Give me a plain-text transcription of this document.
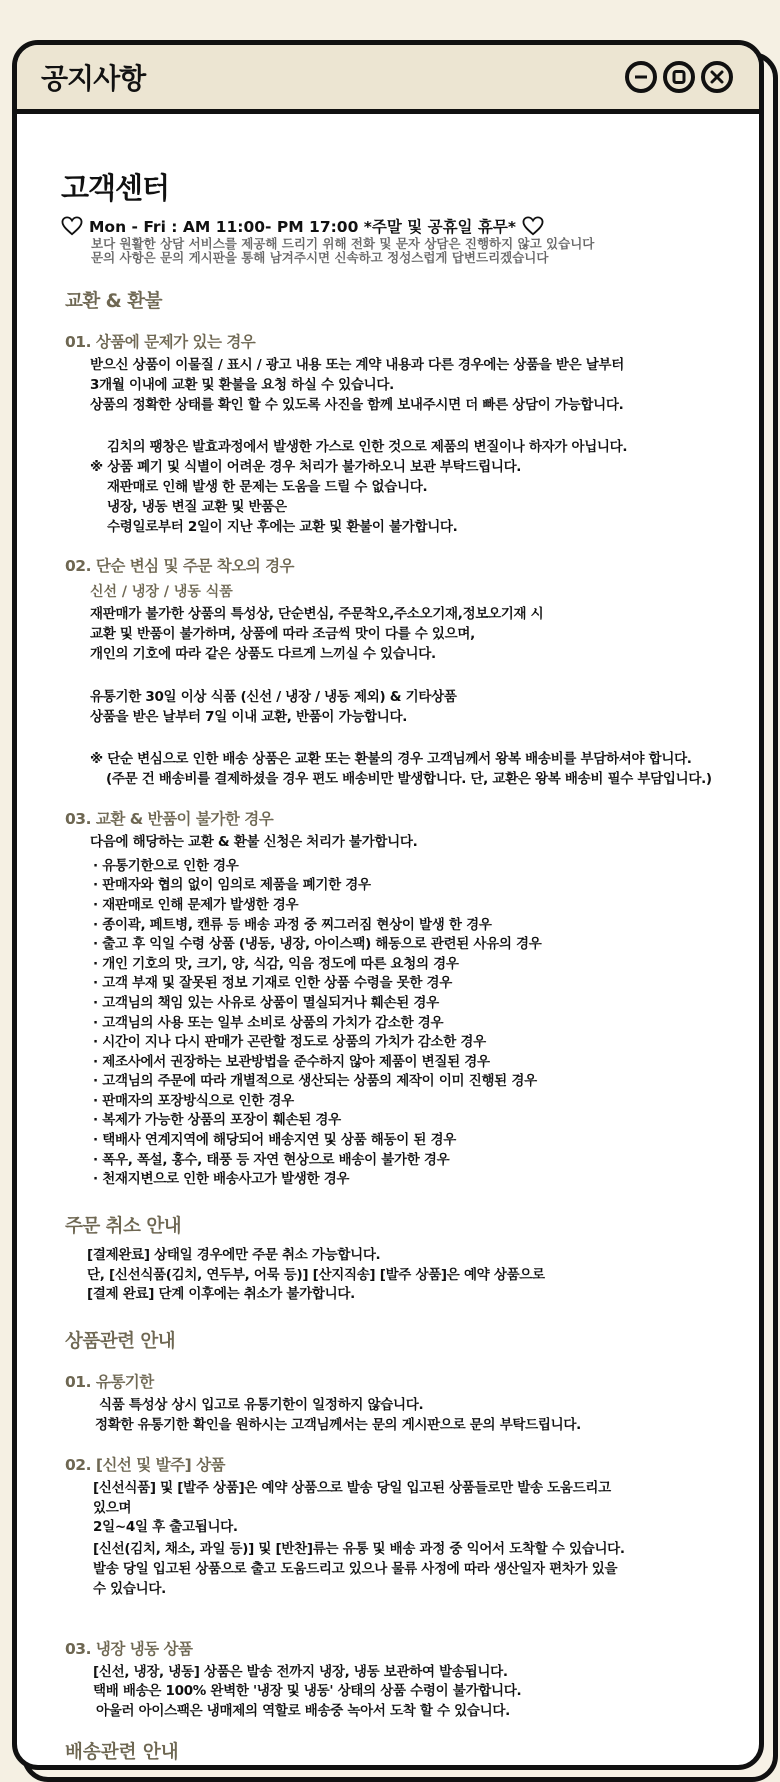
공지사항
고객센터
Mon - Fri : AM 11:00- PM 17:00 *주말 및 공휴일 휴무*
보다 원활한 상담 서비스를 제공해 드리기 위해 전화 및 문자 상담은 진행하지 않고 있습니다
문의 사항은 문의 게시판을 통해 남겨주시면 신속하고 정성스럽게 답변드리겠습니다
교환 & 환불
01. 상품에 문제가 있는 경우
받으신 상품이 이물질 / 표시 / 광고 내용 또는 계약 내용과 다른 경우에는 상품을 받은 날부터
3개월 이내에 교환 및 환불을 요청 하실 수 있습니다.
상품의 정확한 상태를 확인 할 수 있도록 사진을 함께 보내주시면 더 빠른 상담이 가능합니다.
김치의 팽창은 발효과정에서 발생한 가스로 인한 것으로 제품의 변질이나 하자가 아닙니다.
※ 상품 폐기 및 식별이 어려운 경우 처리가 불가하오니 보관 부탁드립니다.
재판매로 인해 발생 한 문제는 도움을 드릴 수 없습니다.
냉장, 냉동 변질 교환 및 반품은
수령일로부터 2일이 지난 후에는 교환 및 환불이 불가합니다.
02. 단순 변심 및 주문 착오의 경우
신선 / 냉장 / 냉동 식품
재판매가 불가한 상품의 특성상, 단순변심, 주문착오,주소오기재,정보오기재 시
교환 및 반품이 불가하며, 상품에 따라 조금씩 맛이 다를 수 있으며,
개인의 기호에 따라 같은 상품도 다르게 느끼실 수 있습니다.
유통기한 30일 이상 식품 (신선 / 냉장 / 냉동 제외) & 기타상품
상품을 받은 날부터 7일 이내 교환, 반품이 가능합니다.
※ 단순 변심으로 인한 배송 상품은 교환 또는 환불의 경우 고객님께서 왕복 배송비를 부담하셔야 합니다.
(주문 건 배송비를 결제하셨을 경우 편도 배송비만 발생합니다. 단, 교환은 왕복 배송비 필수 부담입니다.)
03. 교환 & 반품이 불가한 경우
다음에 해당하는 교환 & 환불 신청은 처리가 불가합니다.
· 유통기한으로 인한 경우
· 판매자와 협의 없이 임의로 제품을 폐기한 경우
· 재판매로 인해 문제가 발생한 경우
· 종이곽, 페트병, 캔류 등 배송 과정 중 찌그러짐 현상이 발생 한 경우
· 출고 후 익일 수령 상품 (냉동, 냉장, 아이스팩) 해동으로 관련된 사유의 경우
· 개인 기호의 맛, 크기, 양, 식감, 익음 정도에 따른 요청의 경우
· 고객 부재 및 잘못된 정보 기재로 인한 상품 수령을 못한 경우
· 고객님의 책임 있는 사유로 상품이 멸실되거나 훼손된 경우
· 고객님의 사용 또는 일부 소비로 상품의 가치가 감소한 경우
· 시간이 지나 다시 판매가 곤란할 정도로 상품의 가치가 감소한 경우
· 제조사에서 권장하는 보관방법을 준수하지 않아 제품이 변질된 경우
· 고객님의 주문에 따라 개별적으로 생산되는 상품의 제작이 이미 진행된 경우
· 판매자의 포장방식으로 인한 경우
· 복제가 가능한 상품의 포장이 훼손된 경우
· 택배사 연계지역에 해당되어 배송지연 및 상품 해동이 된 경우
· 폭우, 폭설, 홍수, 태풍 등 자연 현상으로 배송이 불가한 경우
· 천재지변으로 인한 배송사고가 발생한 경우
주문 취소 안내
[결제완료] 상태일 경우에만 주문 취소 가능합니다.
단, [신선식품(김치, 연두부, 어묵 등)] [산지직송] [발주 상품]은 예약 상품으로
[결제 완료] 단계 이후에는 취소가 불가합니다.
상품관련 안내
01. 유통기한
식품 특성상 상시 입고로 유통기한이 일정하지 않습니다.
정확한 유통기한 확인을 원하시는 고객님께서는 문의 게시판으로 문의 부탁드립니다.
02. [신선 및 발주] 상품
[신선식품] 및 [발주 상품]은 예약 상품으로 발송 당일 입고된 상품들로만 발송 도움드리고
있으며
2일~4일 후 출고됩니다.
[신선(김치, 채소, 과일 등)] 및 [반찬]류는 유통 및 배송 과정 중 익어서 도착할 수 있습니다.
발송 당일 입고된 상품으로 출고 도움드리고 있으나 물류 사정에 따라 생산일자 편차가 있을
수 있습니다.
03. 냉장 냉동 상품
[신선, 냉장, 냉동] 상품은 발송 전까지 냉장, 냉동 보관하여 발송됩니다.
택배 배송은 100% 완벽한 '냉장 및 냉동' 상태의 상품 수령이 불가합니다.
아울러 아이스팩은 냉매제의 역할로 배송중 녹아서 도착 할 수 있습니다.
배송관련 안내
